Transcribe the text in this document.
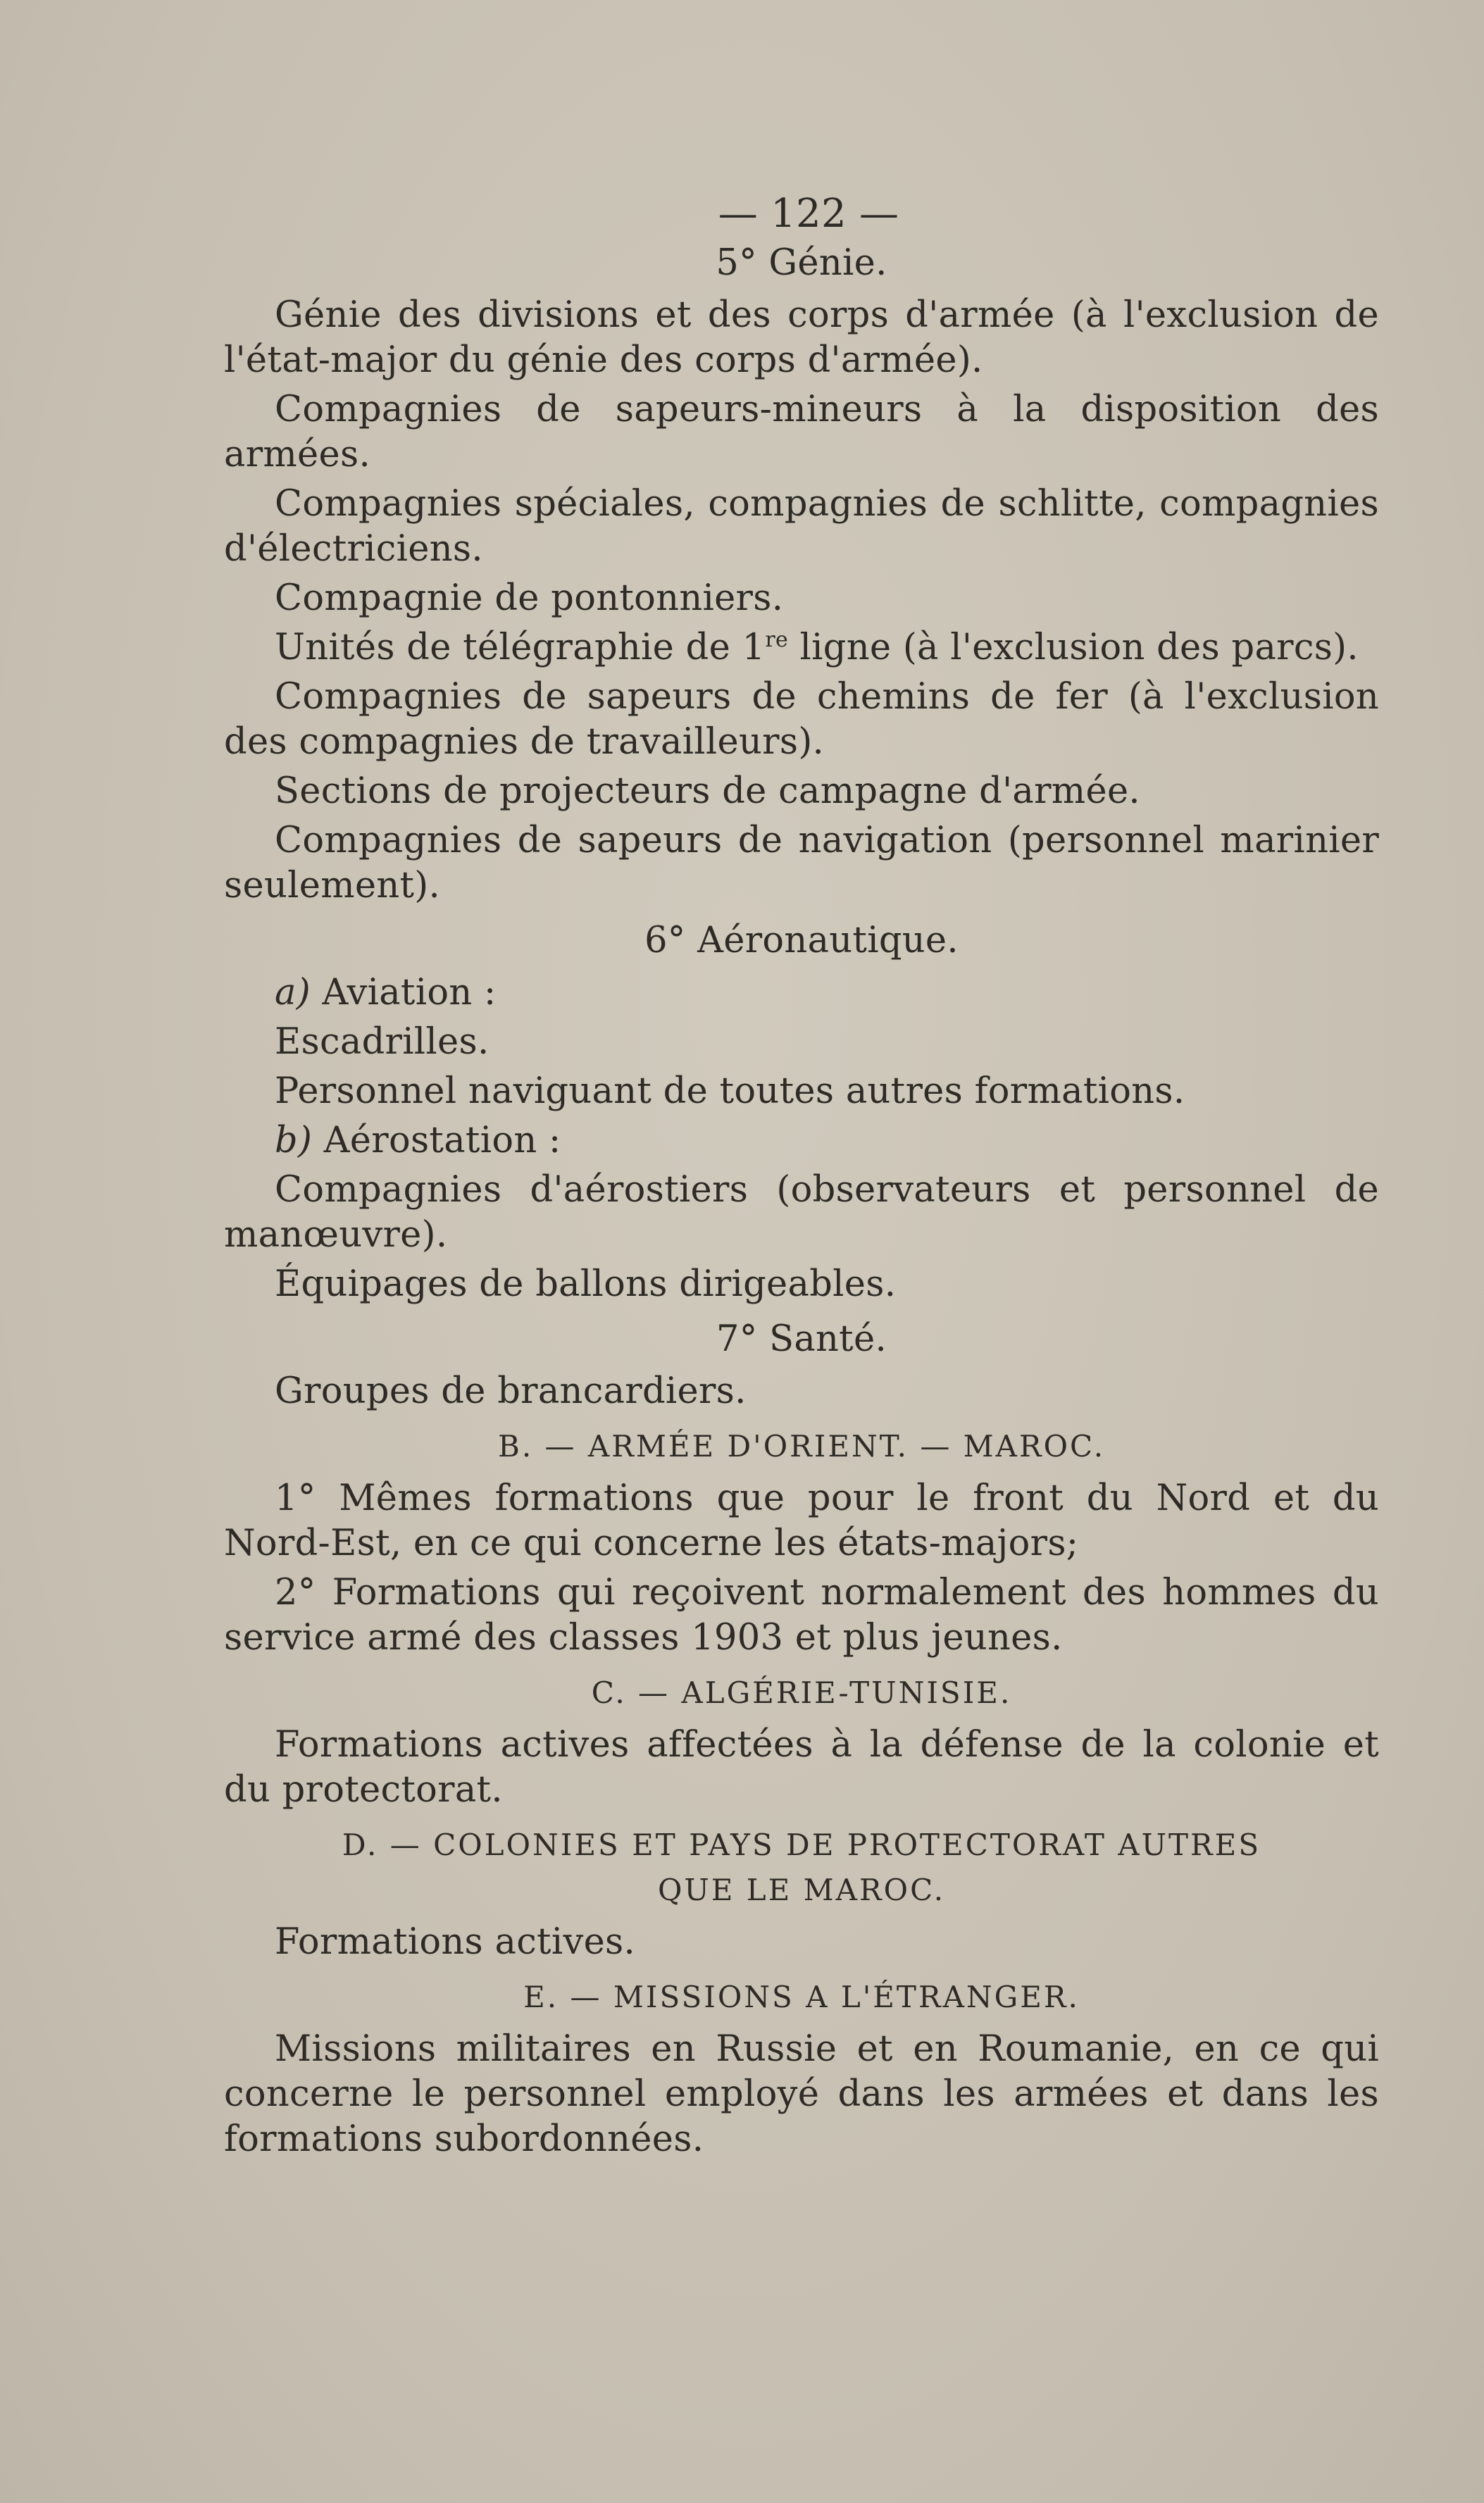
— 122 —
5° Génie.
Génie des divisions et des corps d'armée (à l'exclusion de l'état-major du génie des corps d'armée).
Compagnies de sapeurs-mineurs à la disposition des armées.
Compagnies spéciales, compagnies de schlitte, compagnies d'électriciens.
Compagnie de pontonniers.
Unités de télégraphie de 1re ligne (à l'exclusion des parcs).
Compagnies de sapeurs de chemins de fer (à l'exclusion des compagnies de travailleurs).
Sections de projecteurs de campagne d'armée.
Compagnies de sapeurs de navigation (personnel marinier seulement).
6° Aéronautique.
a) Aviation :
Escadrilles.
Personnel naviguant de toutes autres formations.
b) Aérostation :
Compagnies d'aérostiers (observateurs et personnel de manœuvre).
Équipages de ballons dirigeables.
7° Santé.
Groupes de brancardiers.
B. — ARMÉE D'ORIENT. — MAROC.
1° Mêmes formations que pour le front du Nord et du Nord-Est, en ce qui concerne les états-majors;
2° Formations qui reçoivent normalement des hommes du service armé des classes 1903 et plus jeunes.
C. — ALGÉRIE-TUNISIE.
Formations actives affectées à la défense de la colonie et du protectorat.
D. — COLONIES ET PAYS DE PROTECTORAT AUTRES
QUE LE MAROC.
Formations actives.
E. — MISSIONS A L'ÉTRANGER.
Missions militaires en Russie et en Roumanie, en ce qui concerne le personnel employé dans les armées et dans les formations subordonnées.
